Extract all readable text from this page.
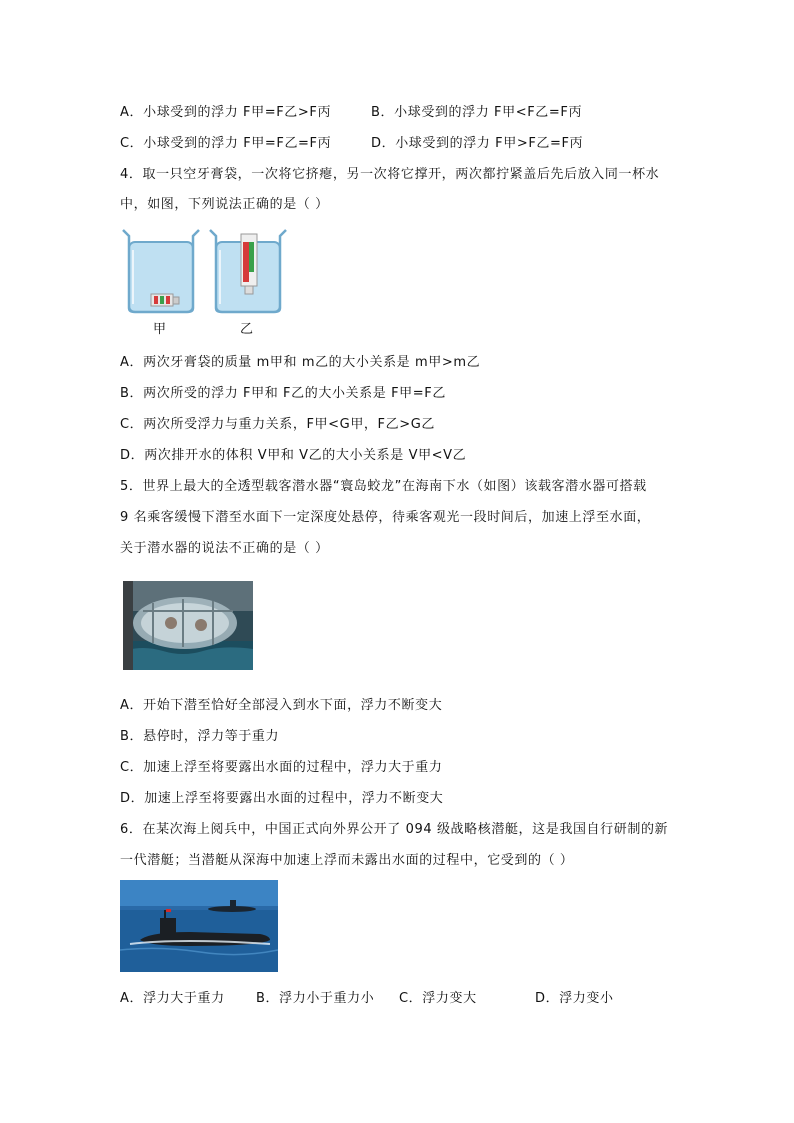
A．小球受到的浮力 F甲=F乙>F丙	B．小球受到的浮力 F甲<F乙=F丙
C．小球受到的浮力 F甲=F乙=F丙	D．小球受到的浮力 F甲>F乙=F丙
4．取一只空牙膏袋，一次将它挤瘪，另一次将它撑开，两次都拧紧盖后先后放入同一杯水
中，如图，下列说法正确的是（ ）
甲	乙
A．两次牙膏袋的质量 m甲和 m乙的大小关系是 m甲>m乙
B．两次所受的浮力 F甲和 F乙的大小关系是 F甲=F乙
C．两次所受浮力与重力关系，F甲<G甲，F乙>G乙
D．两次排开水的体积 V甲和 V乙的大小关系是 V甲<V乙
5．世界上最大的全透型载客潜水器“寰岛蛟龙”在海南下水（如图）该载客潜水器可搭载
9 名乘客缓慢下潜至水面下一定深度处悬停，待乘客观光一段时间后，加速上浮至水面，
关于潜水器的说法不正确的是（ ）
A．开始下潜至恰好全部浸入到水下面，浮力不断变大
B．悬停时，浮力等于重力
C．加速上浮至将要露出水面的过程中，浮力大于重力
D．加速上浮至将要露出水面的过程中，浮力不断变大
6．在某次海上阅兵中，中国正式向外界公开了 094 级战略核潜艇，这是我国自行研制的新
一代潜艇；当潜艇从深海中加速上浮而未露出水面的过程中，它受到的（ ）
A．浮力大于重力 B．浮力小于重力小 C．浮力变大	D．浮力变小
